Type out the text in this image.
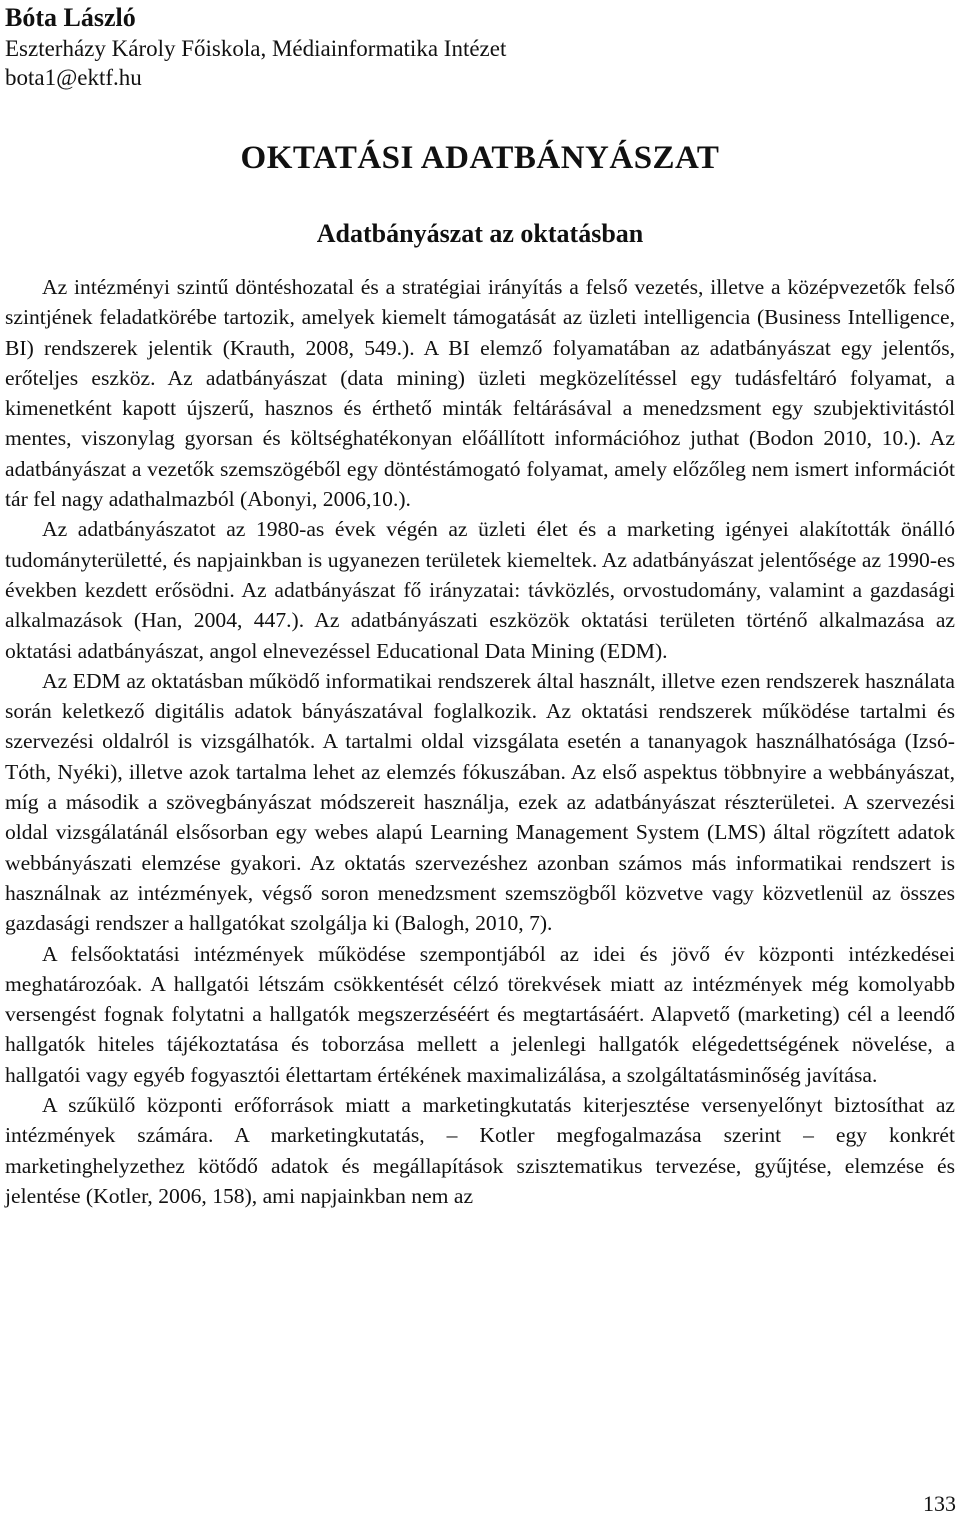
Bóta László

Eszterházy Károly Főiskola, Médiainformatika Intézet

bota1@ektf.hu

OKTATÁSI ADATBÁNYÁSZAT
Adatbányászat az oktatásban

Az intézményi szintű döntéshozatal és a stratégiai irányítás a felső vezetés, illetve a középvezetők felső szintjének feladatkörébe tartozik, amelyek kiemelt támogatását az üzleti intelligencia (Business Intelligence, BI) rendszerek jelentik (Krauth, 2008, 549.). A BI elemző folyamatában az adatbányászat egy jelentős, erőteljes eszköz. Az adatbányászat (data mining) üzleti megközelítéssel egy tudásfeltáró folyamat, a kimenetként kapott újszerű, hasznos és érthető minták feltárásával a menedzsment egy szubjektivitástól mentes, viszonylag gyorsan és költséghatékonyan előállított információhoz juthat (Bodon 2010, 10.). Az adatbányászat a vezetők szemszögéből egy döntéstámogató folyamat, amely előzőleg nem ismert információt tár fel nagy adathalmazból (Abonyi, 2006,10.).

Az adatbányászatot az 1980-as évek végén az üzleti élet és a marketing igényei alakították önálló tudományterületté, és napjainkban is ugyanezen területek kiemeltek. Az adatbányászat jelentősége az 1990-es években kezdett erősödni. Az adatbányászat fő irányzatai: távközlés, orvostudomány, valamint a gazdasági alkalmazások (Han, 2004, 447.). Az adatbányászati eszközök oktatási területen történő alkalmazása az oktatási adatbányászat, angol elnevezéssel Educational Data Mining (EDM).

Az EDM az oktatásban működő informatikai rendszerek által használt, illetve ezen rendszerek használata során keletkező digitális adatok bányászatával foglalkozik. Az oktatási rendszerek működése tartalmi és szervezési oldalról is vizsgálhatók. A tartalmi oldal vizsgálata esetén a tananyagok használhatósága (Izsó-Tóth, Nyéki), illetve azok tartalma lehet az elemzés fókuszában. Az első aspektus többnyire a webbányászat, míg a második a szövegbányászat módszereit használja, ezek az adatbányászat részterületei. A szervezési oldal vizsgálatánál elsősorban egy webes alapú Learning Management System (LMS) által rögzített adatok webbányászati elemzése gyakori. Az oktatás szervezéshez azonban számos más informatikai rendszert is használnak az intézmények, végső soron menedzsment szemszögből közvetve vagy közvetlenül az összes gazdasági rendszer a hallgatókat szolgálja ki (Balogh, 2010, 7).

A felsőoktatási intézmények működése szempontjából az idei és jövő év központi intézkedései meghatározóak. A hallgatói létszám csökkentését célzó törekvések miatt az intézmények még komolyabb versengést fognak folytatni a hallgatók megszerzéséért és megtartásáért. Alapvető (marketing) cél a leendő hallgatók hiteles tájékoztatása és toborzása mellett a jelenlegi hallgatók elégedettségének növelése, a hallgatói vagy egyéb fogyasztói élettartam értékének maximalizálása, a szolgáltatásminőség javítása.

A szűkülő központi erőforrások miatt a marketingkutatás kiterjesztése versenyelőnyt biztosíthat az intézmények számára. A marketingkutatás, – Kotler megfogalmazása szerint – egy konkrét marketinghelyzethez kötődő adatok és megállapítások szisztematikus tervezése, gyűjtése, elemzése és jelentése (Kotler, 2006, 158), ami napjainkban nem az

133
